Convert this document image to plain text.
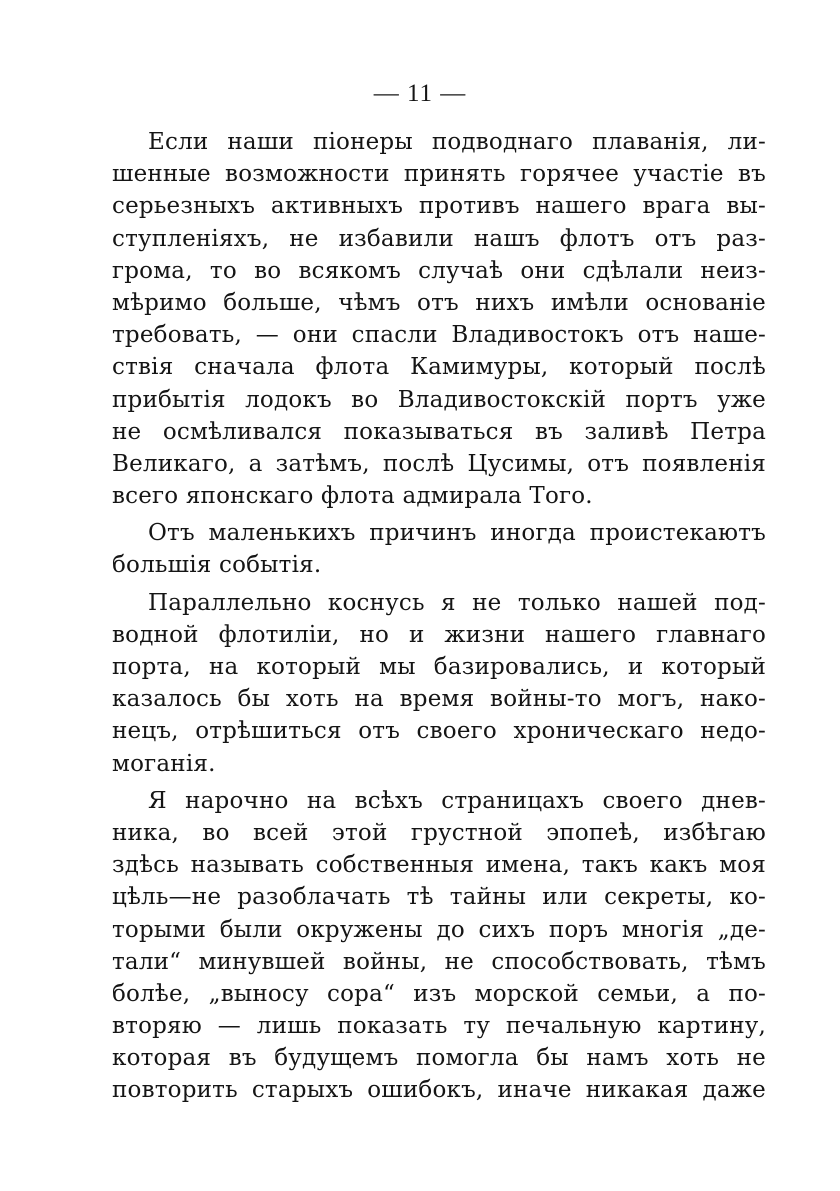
— 11 —
Если наши пiонеры подводнаго плаванiя, ли-
шенные возможности принять горячее участiе въ
серьезныхъ активныхъ противъ нашего врага вы-
ступленiяхъ, не избавили нашъ флотъ отъ раз-
грома, то во всякомъ случаѣ они сдѣлали неиз-
мѣримо больше, чѣмъ отъ нихъ имѣли основанiе
требовать, — они спасли Владивостокъ отъ наше-
ствiя сначала флота Камимуры, который послѣ
прибытiя лодокъ во Владивостокскiй портъ уже
не осмѣливался показываться въ заливѣ Петра
Великаго, а затѣмъ, послѣ Цусимы, отъ появленiя
всего японскаго флота адмирала Того.
Отъ маленькихъ причинъ иногда проистекаютъ
большiя событiя.
Параллельно коснусь я не только нашей под-
водной флотилiи, но и жизни нашего главнаго
порта, на который мы базировались, и который
казалось бы хоть на время войны-то могъ, нако-
нецъ, отрѣшиться отъ своего хроническаго недо-
моганiя.
Я нарочно на всѣхъ страницахъ своего днев-
ника, во всей этой грустной эпопеѣ, избѣгаю
здѣсь называть собственныя имена, такъ какъ моя
цѣль—не разоблачать тѣ тайны или секреты, ко-
торыми были окружены до сихъ поръ многiя „де-
тали“ минувшей войны, не способствовать, тѣмъ
болѣе, „выносу сора“ изъ морской семьи, а по-
вторяю — лишь показать ту печальную картину,
которая въ будущемъ помогла бы намъ хоть не
повторить старыхъ ошибокъ, иначе никакая даже
